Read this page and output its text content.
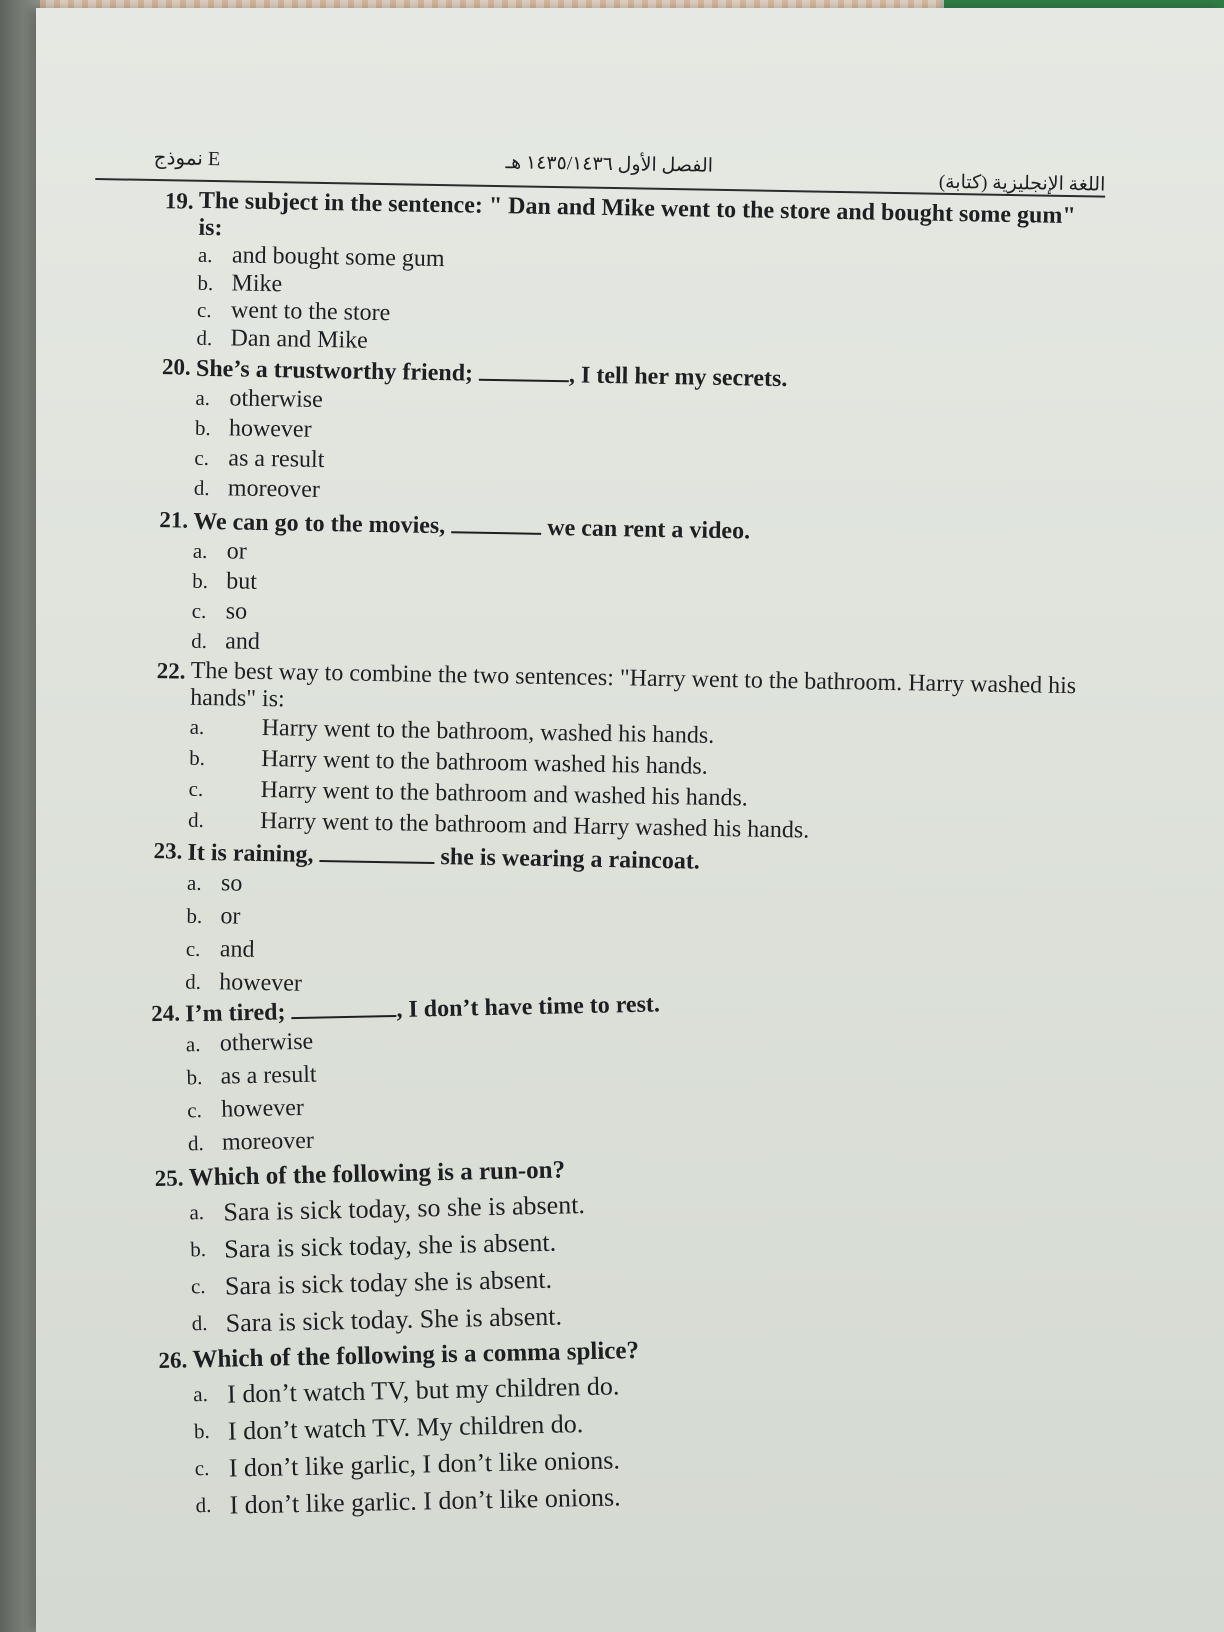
نموذج E	الفصل الأول ١٤٣٥/١٤٣٦ هـ
اللغة الإنجليزية (كتابة)

19. The subject in the sentence: " Dan and Mike went to the store and bought some gum" is:

a. and bought some gum
b. Mike
c. went to the store
d. Dan and Mike

20. She’s a trustworthy friend;	, I tell her my secrets.

a. otherwise
b. however
c. as a result
d. moreover

21. We can go to the movies,	we can rent a video.

a. or
b. but
c. so
d. and

22. The best way to combine the two sentences: "Harry went to the bathroom. Harry washed his hands" is:

a.	Harry went to the bathroom, washed his hands.
b.	Harry went to the bathroom washed his hands.
c.	Harry went to the bathroom and washed his hands.
d.	Harry went to the bathroom and Harry washed his hands.

23. It is raining,	she is wearing a raincoat.

a. so
b. or
c. and
d. however

24. I’m tired;	, I don’t have time to rest.

a. otherwise
b. as a result
c. however
d. moreover

25. Which of the following is a run-on?

a. Sara is sick today, so she is absent.
b. Sara is sick today, she is absent.
c. Sara is sick today she is absent.
d. Sara is sick today. She is absent.

26. Which of the following is a comma splice?

a. I don’t watch TV, but my children do.
b. I don’t watch TV. My children do.
c. I don’t like garlic, I don’t like onions.
d. I don’t like garlic. I don’t like onions.
